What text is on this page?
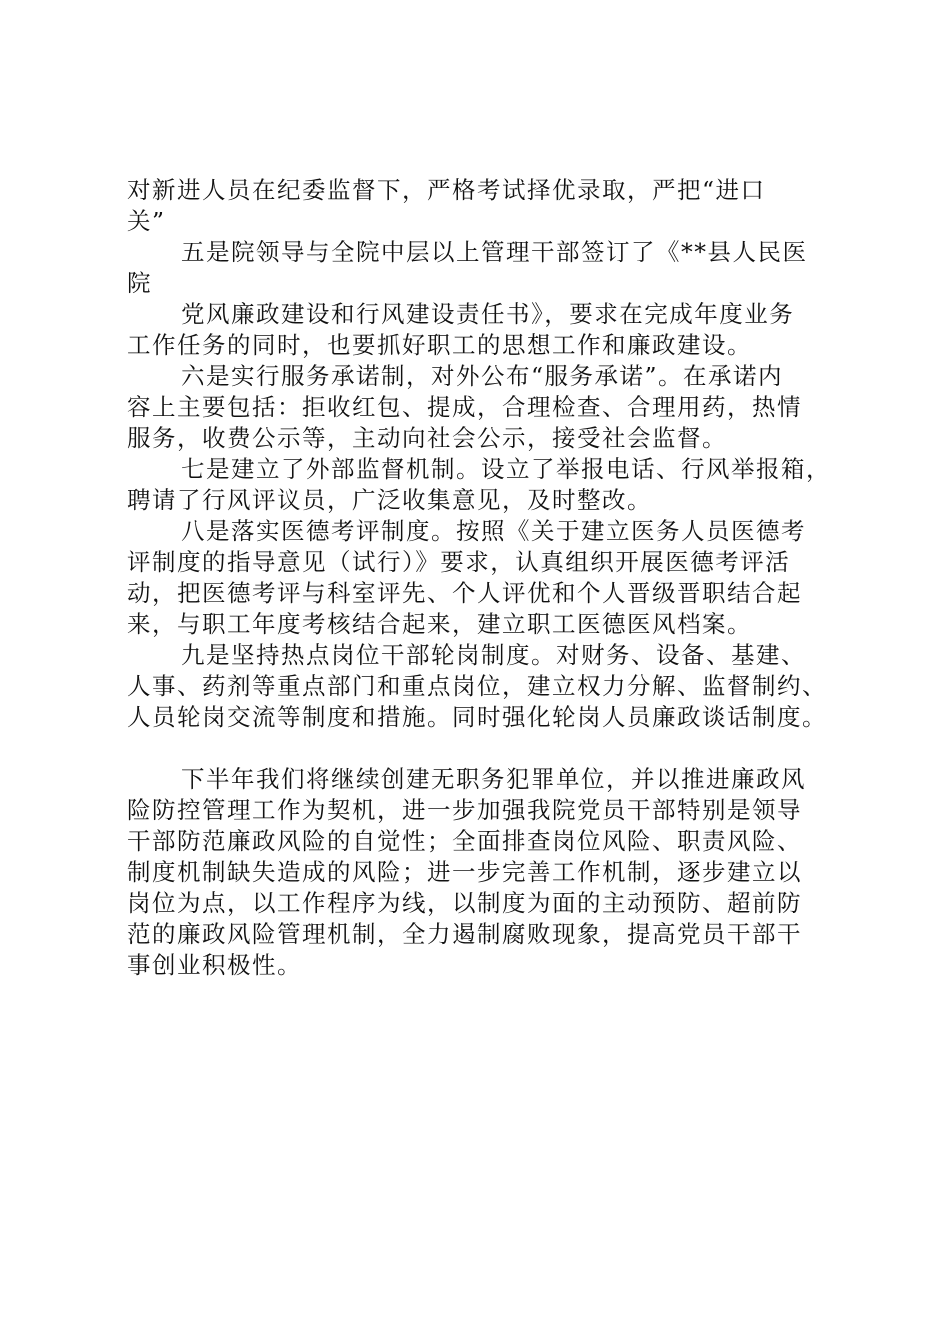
对新进人员在纪委监督下，严格考试择优录取，严把“进口
关”
五是院领导与全院中层以上管理干部签订了《**县人民医
院
党风廉政建设和行风建设责任书》，要求在完成年度业务
工作任务的同时，也要抓好职工的思想工作和廉政建设。
六是实行服务承诺制，对外公布“服务承诺”。在承诺内
容上主要包括：拒收红包、提成，合理检查、合理用药，热情
服务，收费公示等，主动向社会公示，接受社会监督。
七是建立了外部监督机制。设立了举报电话、行风举报箱，
聘请了行风评议员，广泛收集意见，及时整改。
八是落实医德考评制度。按照《关于建立医务人员医德考
评制度的指导意见（试行）》要求，认真组织开展医德考评活
动，把医德考评与科室评先、个人评优和个人晋级晋职结合起
来，与职工年度考核结合起来，建立职工医德医风档案。
九是坚持热点岗位干部轮岗制度。对财务、设备、基建、
人事、药剂等重点部门和重点岗位，建立权力分解、监督制约、
人员轮岗交流等制度和措施。同时强化轮岗人员廉政谈话制度。
下半年我们将继续创建无职务犯罪单位，并以推进廉政风
险防控管理工作为契机，进一步加强我院党员干部特别是领导
干部防范廉政风险的自觉性；全面排查岗位风险、职责风险、
制度机制缺失造成的风险；进一步完善工作机制，逐步建立以
岗位为点，以工作程序为线，以制度为面的主动预防、超前防
范的廉政风险管理机制，全力遏制腐败现象，提高党员干部干
事创业积极性。
